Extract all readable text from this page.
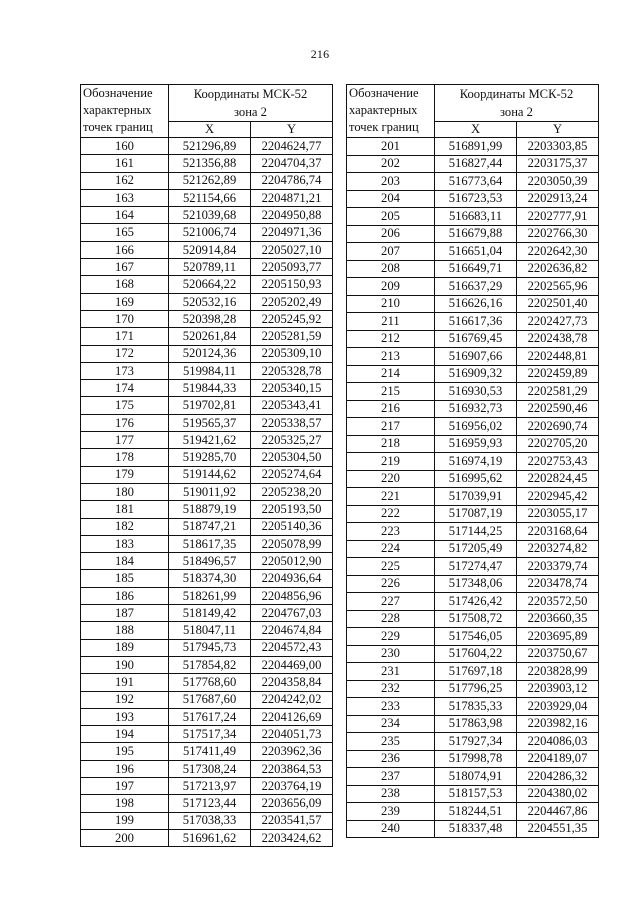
216
Обозначение
характерных
точек границ	Координаты МСК-52
зона 2	

	X	Y
160	521296,89	2204624,77
161	521356,88	2204704,37
162	521262,89	2204786,74
163	521154,66	2204871,21
164	521039,68	2204950,88
165	521006,74	2204971,36
166	520914,84	2205027,10
167	520789,11	2205093,77
168	520664,22	2205150,93
169	520532,16	2205202,49
170	520398,28	2205245,92
171	520261,84	2205281,59
172	520124,36	2205309,10
173	519984,11	2205328,78
174	519844,33	2205340,15
175	519702,81	2205343,41
176	519565,37	2205338,57
177	519421,62	2205325,27
178	519285,70	2205304,50
179	519144,62	2205274,64
180	519011,92	2205238,20
181	518879,19	2205193,50
182	518747,21	2205140,36
183	518617,35	2205078,99
184	518496,57	2205012,90
185	518374,30	2204936,64
186	518261,99	2204856,96
187	518149,42	2204767,03
188	518047,11	2204674,84
189	517945,73	2204572,43
190	517854,82	2204469,00
191	517768,60	2204358,84
192	517687,60	2204242,02
193	517617,24	2204126,69
194	517517,34	2204051,73
195	517411,49	2203962,36
196	517308,24	2203864,53
197	517213,97	2203764,19
198	517123,44	2203656,09
199	517038,33	2203541,57
200	516961,62	2203424,62
Обозначение
характерных
точек границ	Координаты МСК-52
зона 2	

	X	Y
201	516891,99	2203303,85
202	516827,44	2203175,37
203	516773,64	2203050,39
204	516723,53	2202913,24
205	516683,11	2202777,91
206	516679,88	2202766,30
207	516651,04	2202642,30
208	516649,71	2202636,82
209	516637,29	2202565,96
210	516626,16	2202501,40
211	516617,36	2202427,73
212	516769,45	2202438,78
213	516907,66	2202448,81
214	516909,32	2202459,89
215	516930,53	2202581,29
216	516932,73	2202590,46
217	516956,02	2202690,74
218	516959,93	2202705,20
219	516974,19	2202753,43
220	516995,62	2202824,45
221	517039,91	2202945,42
222	517087,19	2203055,17
223	517144,25	2203168,64
224	517205,49	2203274,82
225	517274,47	2203379,74
226	517348,06	2203478,74
227	517426,42	2203572,50
228	517508,72	2203660,35
229	517546,05	2203695,89
230	517604,22	2203750,67
231	517697,18	2203828,99
232	517796,25	2203903,12
233	517835,33	2203929,04
234	517863,98	2203982,16
235	517927,34	2204086,03
236	517998,78	2204189,07
237	518074,91	2204286,32
238	518157,53	2204380,02
239	518244,51	2204467,86
240	518337,48	2204551,35
